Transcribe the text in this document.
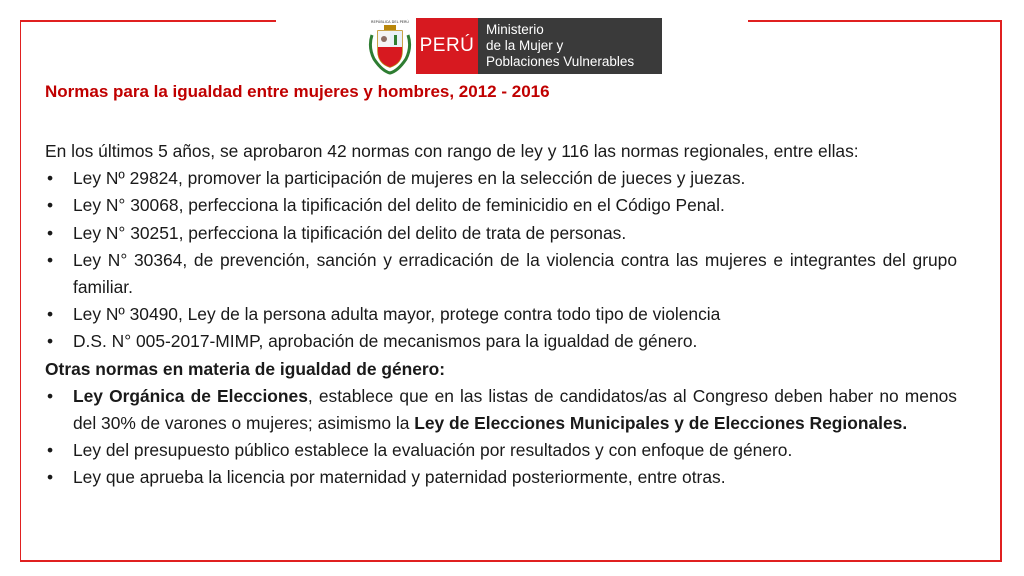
REPÚBLICA DEL PERÚ
PERÚ
Ministerio
de la Mujer y
Poblaciones Vulnerables
Normas para la igualdad entre mujeres y hombres, 2012 - 2016

En los últimos 5 años, se aprobaron 42 normas con rango de ley y 116 las normas regionales, entre ellas:

• Ley Nº 29824, promover la participación de mujeres en la selección de jueces y juezas.
• Ley N° 30068, perfecciona la tipificación del delito de feminicidio en el Código Penal.
• Ley N° 30251, perfecciona la tipificación del delito de trata de personas.
• Ley N° 30364, de prevención, sanción y erradicación de la violencia contra las mujeres e integrantes del grupo familiar.
• Ley Nº 30490, Ley de la persona adulta mayor, protege contra todo tipo de violencia
• D.S. N° 005-2017-MIMP, aprobación de mecanismos para la igualdad de género.

Otras normas en materia de igualdad de género:

• Ley Orgánica de Elecciones, establece que en las listas de candidatos/as al Congreso deben haber no menos del 30% de varones o mujeres; asimismo la Ley de Elecciones Municipales y de Elecciones Regionales.
• Ley del presupuesto público establece la evaluación por resultados y con enfoque de género.
• Ley que aprueba la licencia por maternidad y paternidad posteriormente, entre otras.
